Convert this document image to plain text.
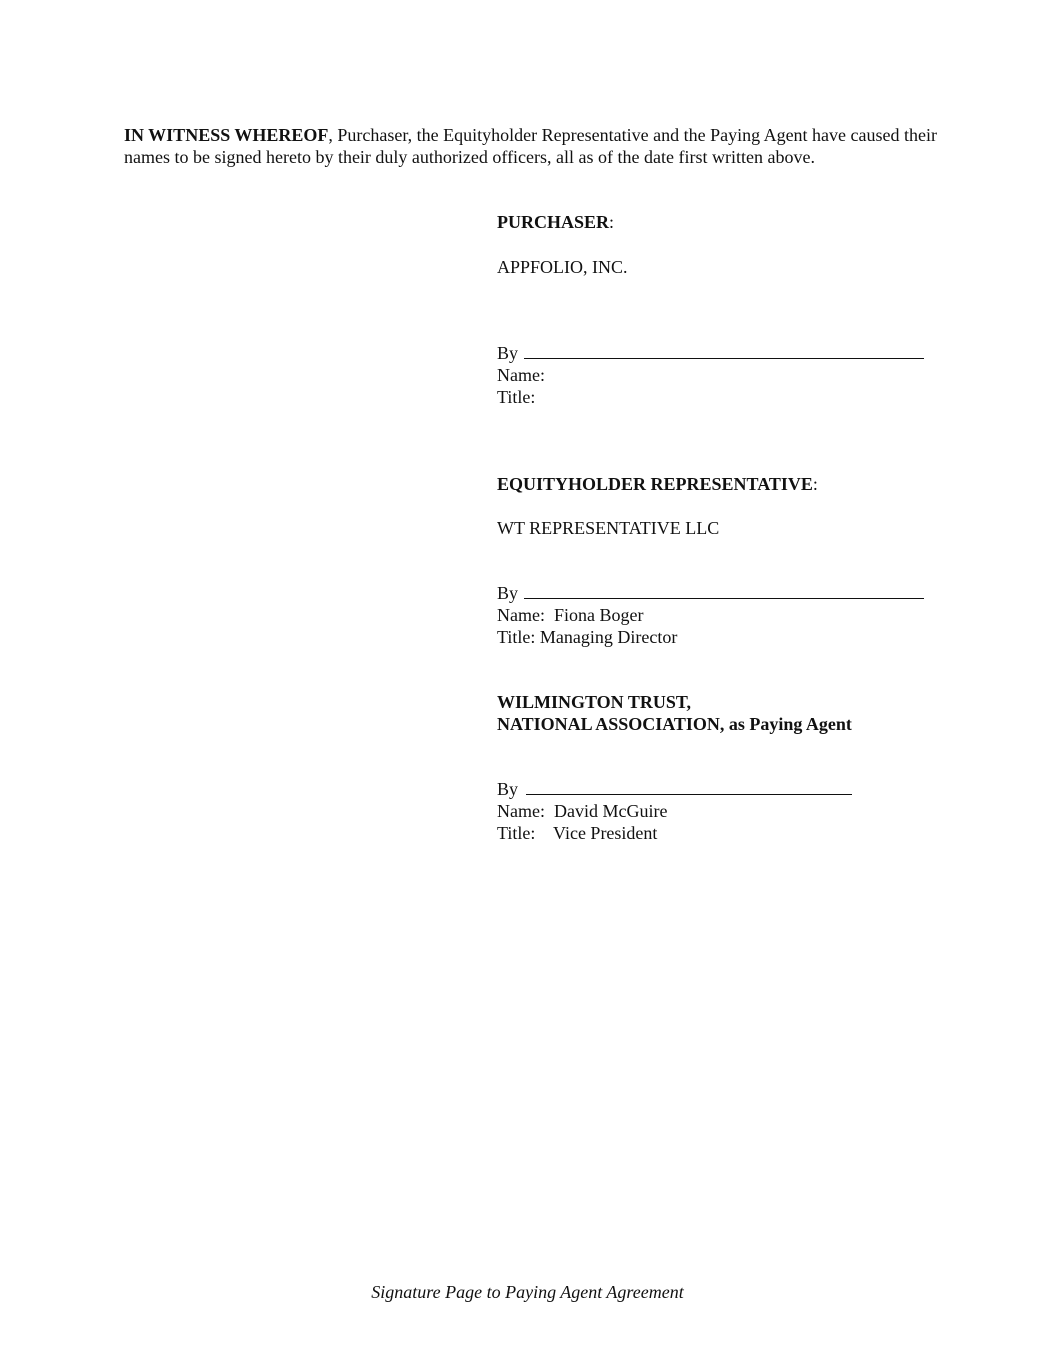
IN WITNESS WHEREOF, Purchaser, the Equityholder Representative and the Paying Agent have caused their names to be signed hereto by their duly authorized officers, all as of the date first written above.

PURCHASER:
APPFOLIO, INC.
By
Name:
Title:
EQUITYHOLDER REPRESENTATIVE:
WT REPRESENTATIVE LLC
By
Name:  Fiona Boger
Title: Managing Director
WILMINGTON TRUST,
NATIONAL ASSOCIATION, as Paying Agent
By
Name:  David McGuire
Title:    Vice President
Signature Page to Paying Agent Agreement
